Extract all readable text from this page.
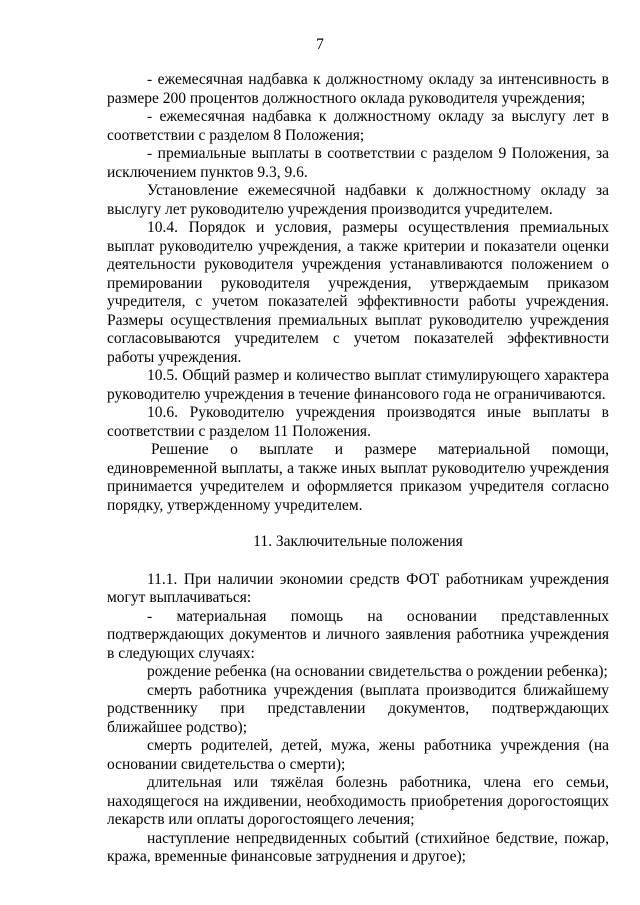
7

- ежемесячная надбавка к должностному окладу за интенсивность в размере 200 процентов должностного оклада руководителя учреждения;

- ежемесячная надбавка к должностному окладу за выслугу лет в соответствии с разделом 8 Положения;

- премиальные выплаты в соответствии с разделом 9 Положения, за исключением пунктов 9.3, 9.6.

Установление ежемесячной надбавки к должностному окладу за выслугу лет руководителю учреждения производится учредителем.

10.4. Порядок и условия, размеры осуществления премиальных выплат руководителю учреждения, а также критерии и показатели оценки деятельности руководителя учреждения устанавливаются положением о премировании руководителя учреждения, утверждаемым приказом учредителя, с учетом показателей эффективности работы учреждения. Размеры осуществления премиальных выплат руководителю учреждения согласовываются учредителем с учетом показателей эффективности работы учреждения.

10.5. Общий размер и количество выплат стимулирующего характера руководителю учреждения в течение финансового года не ограничиваются.

10.6. Руководителю учреждения производятся иные выплаты в соответствии с разделом 11 Положения.

Решение о выплате и размере материальной помощи, единовременной выплаты, а также иных выплат руководителю учреждения принимается учредителем и оформляется приказом учредителя согласно порядку, утвержденному учредителем.

11. Заключительные положения

11.1. При наличии экономии средств ФОТ работникам учреждения могут выплачиваться:

- материальная помощь на основании представленных подтверждающих документов и личного заявления работника учреждения в следующих случаях:

рождение ребенка (на основании свидетельства о рождении ребенка);

смерть работника учреждения (выплата производится ближайшему родственнику при представлении документов, подтверждающих ближайшее родство);

смерть родителей, детей, мужа, жены работника учреждения (на основании свидетельства о смерти);

длительная или тяжёлая болезнь работника, члена его семьи, находящегося на иждивении, необходимость приобретения дорогостоящих лекарств или оплаты дорогостоящего лечения;

наступление непредвиденных событий (стихийное бедствие, пожар, кража, временные финансовые затруднения и другое);
